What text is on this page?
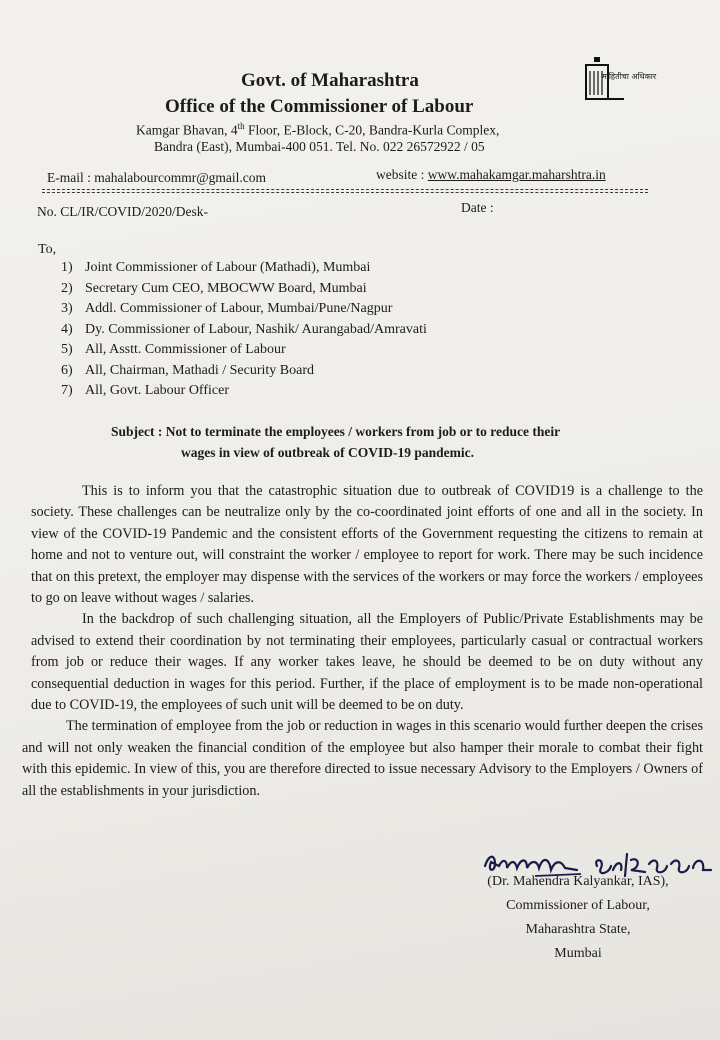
Govt. of Maharashtra
Office of the Commissioner of Labour
Kamgar Bhavan, 4th Floor, E-Block, C-20, Bandra-Kurla Complex,
Bandra (East), Mumbai-400 051. Tel. No. 022 26572922 / 05
माहितीचा अधिकार
E-mail : mahalabourcommr@gmail.com	website : www.mahakamgar.maharshtra.in
No. CL/IR/COVID/2020/Desk-	Date :
To,
1) Joint Commissioner of Labour (Mathadi), Mumbai
2) Secretary Cum CEO, MBOCWW Board, Mumbai
3) Addl. Commissioner of Labour, Mumbai/Pune/Nagpur
4) Dy. Commissioner of Labour, Nashik/ Aurangabad/Amravati
5) All, Asstt. Commissioner of Labour
6) All, Chairman, Mathadi / Security Board
7) All, Govt. Labour Officer
Subject : Not to terminate the employees / workers from job or to reduce their
wages in view of outbreak of COVID-19 pandemic.

This is to inform you that the catastrophic situation due to outbreak of COVID19 is a challenge to the society. These challenges can be neutralize only by the co-coordinated joint efforts of one and all in the society. In view of the COVID-19 Pandemic and the consistent efforts of the Government requesting the citizens to remain at home and not to venture out, will constraint the worker / employee to report for work. There may be such incidence that on this pretext, the employer may dispense with the services of the workers or may force the workers / employees to go on leave without wages / salaries.

In the backdrop of such challenging situation, all the Employers of Public/Private Establishments may be advised to extend their coordination by not terminating their employees, particularly casual or contractual workers from job or reduce their wages. If any worker takes leave, he should be deemed to be on duty without any consequential deduction in wages for this period. Further, if the place of employment is to be made non-operational due to COVID-19, the employees of such unit will be deemed to be on duty.

The termination of employee from the job or reduction in wages in this scenario would further deepen the crises and will not only weaken the financial condition of the employee but also hamper their morale to combat their fight with this epidemic. In view of this, you are therefore directed to issue necessary Advisory to the Employers / Owners of all the establishments in your jurisdiction.

(Dr. Mahendra Kalyankar, IAS),
Commissioner of Labour,
Maharashtra State,
Mumbai
